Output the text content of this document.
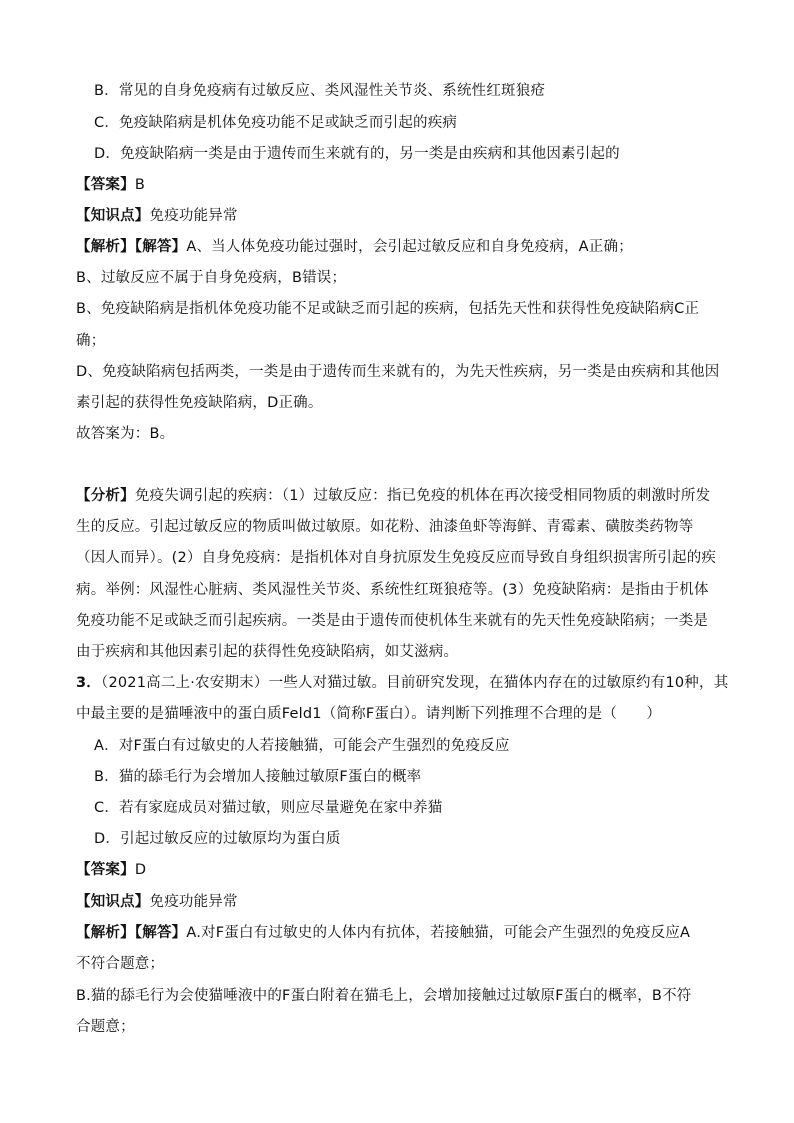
B．常见的自身免疫病有过敏反应、类风湿性关节炎、系统性红斑狼疮
C．免疫缺陷病是机体免疫功能不足或缺乏而引起的疾病
D．免疫缺陷病一类是由于遗传而生来就有的，另一类是由疾病和其他因素引起的
【答案】B
【知识点】免疫功能异常
【解析】【解答】A、当人体免疫功能过强时，会引起过敏反应和自身免疫病，A正确；
B、过敏反应不属于自身免疫病，B错误；
B、免疫缺陷病是指机体免疫功能不足或缺乏而引起的疾病，包括先天性和获得性免疫缺陷病C正
确；
D、免疫缺陷病包括两类，一类是由于遗传而生来就有的，为先天性疾病，另一类是由疾病和其他因
素引起的获得性免疫缺陷病，D正确。
故答案为：B。
【分析】免疫失调引起的疾病：（1）过敏反应：指已免疫的机体在再次接受相同物质的刺激时所发
生的反应。引起过敏反应的物质叫做过敏原。如花粉、油漆鱼虾等海鲜、青霉素、磺胺类药物等
（因人而异）。(2）自身免疫病：是指机体对自身抗原发生免疫反应而导致自身组织损害所引起的疾
病。举例：风湿性心脏病、类风湿性关节炎、系统性红斑狼疮等。(3）免疫缺陷病：是指由于机体
免疫功能不足或缺乏而引起疾病。一类是由于遗传而使机体生来就有的先天性免疫缺陷病；一类是
由于疾病和其他因素引起的获得性免疫缺陷病，如艾滋病。
3．（2021高二上·农安期末）一些人对猫过敏。目前研究发现，在猫体内存在的过敏原约有10种，其
中最主要的是猫唾液中的蛋白质Feld1（简称F蛋白）。请判断下列推理不合理的是（　　）
A．对F蛋白有过敏史的人若接触猫，可能会产生强烈的免疫反应
B．猫的舔毛行为会增加人接触过敏原F蛋白的概率
C．若有家庭成员对猫过敏，则应尽量避免在家中养猫
D．引起过敏反应的过敏原均为蛋白质
【答案】D
【知识点】免疫功能异常
【解析】【解答】A.对F蛋白有过敏史的人体内有抗体，若接触猫，可能会产生强烈的免疫反应A
不符合题意；
B.猫的舔毛行为会使猫唾液中的F蛋白附着在猫毛上，会增加接触过过敏原F蛋白的概率，B不符
合题意；
